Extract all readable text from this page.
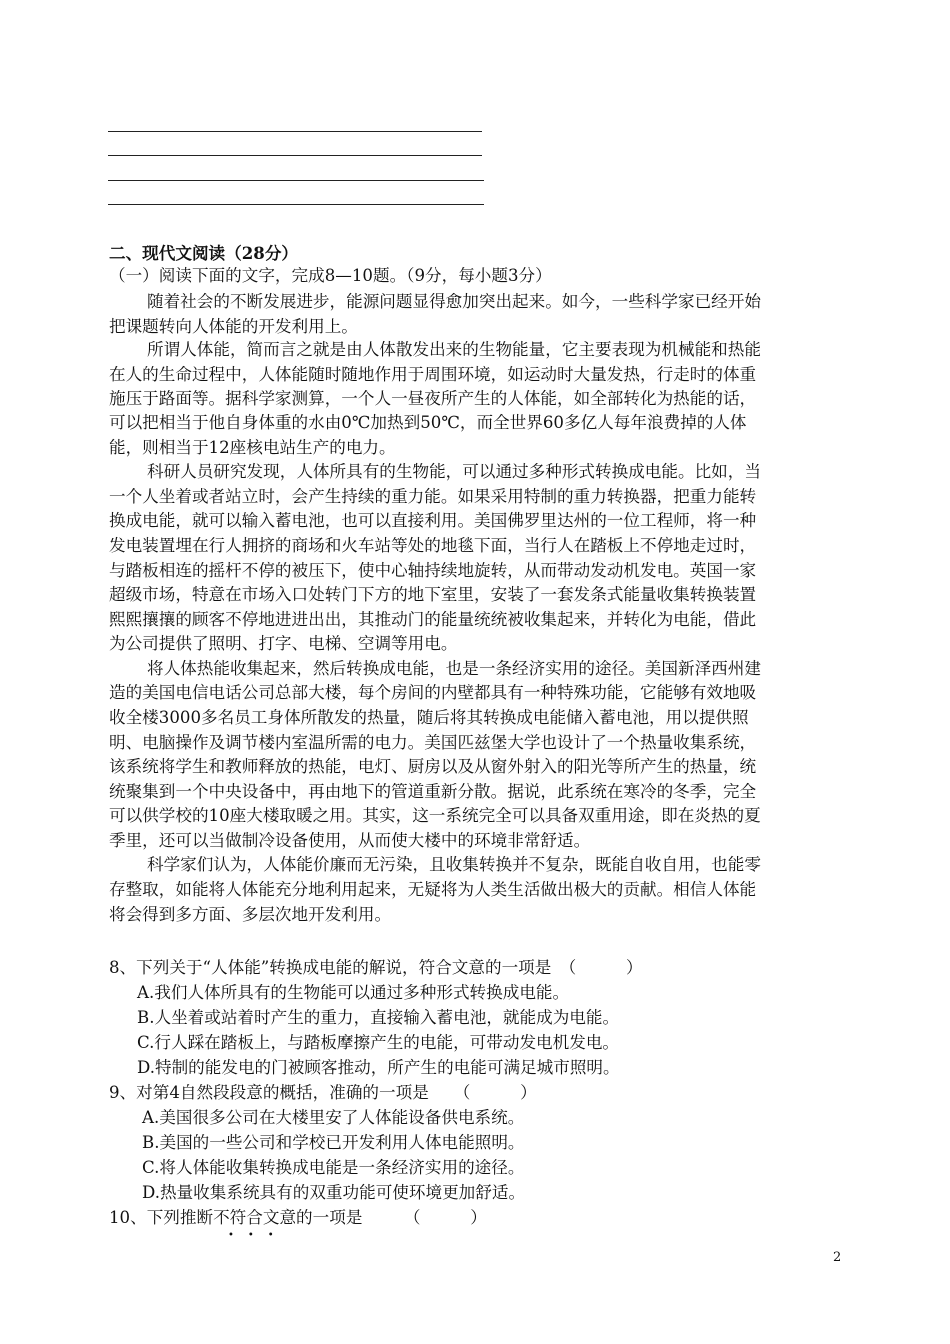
二、现代文阅读（28分）
（一）阅读下面的文字，完成8—10题。（9分，每小题3分）
随着社会的不断发展进步，能源问题显得愈加突出起来。如今，一些科学家已经开始
把课题转向人体能的开发利用上。
所谓人体能，简而言之就是由人体散发出来的生物能量，它主要表现为机械能和热能
在人的生命过程中，人体能随时随地作用于周围环境，如运动时大量发热，行走时的体重
施压于路面等。据科学家测算，一个人一昼夜所产生的人体能，如全部转化为热能的话，
可以把相当于他自身体重的水由0℃加热到50℃，而全世界60多亿人每年浪费掉的人体
能，则相当于12座核电站生产的电力。
科研人员研究发现，人体所具有的生物能，可以通过多种形式转换成电能。比如，当
一个人坐着或者站立时，会产生持续的重力能。如果采用特制的重力转换器，把重力能转
换成电能，就可以输入蓄电池，也可以直接利用。美国佛罗里达州的一位工程师，将一种
发电装置埋在行人拥挤的商场和火车站等处的地毯下面，当行人在踏板上不停地走过时，
与踏板相连的摇杆不停的被压下，使中心轴持续地旋转，从而带动发动机发电。英国一家
超级市场，特意在市场入口处转门下方的地下室里，安装了一套发条式能量收集转换装置
熙熙攘攘的顾客不停地进进出出，其推动门的能量统统被收集起来，并转化为电能，借此
为公司提供了照明、打字、电梯、空调等用电。
将人体热能收集起来，然后转换成电能，也是一条经济实用的途径。美国新泽西州建
造的美国电信电话公司总部大楼，每个房间的内壁都具有一种特殊功能，它能够有效地吸
收全楼3000多名员工身体所散发的热量，随后将其转换成电能储入蓄电池，用以提供照
明、电脑操作及调节楼内室温所需的电力。美国匹兹堡大学也设计了一个热量收集系统，
该系统将学生和教师释放的热能，电灯、厨房以及从窗外射入的阳光等所产生的热量，统
统聚集到一个中央设备中，再由地下的管道重新分散。据说，此系统在寒冷的冬季，完全
可以供学校的10座大楼取暖之用。其实，这一系统完全可以具备双重用途，即在炎热的夏
季里，还可以当做制冷设备使用，从而使大楼中的环境非常舒适。
科学家们认为，人体能价廉而无污染，且收集转换并不复杂，既能自收自用，也能零
存整取，如能将人体能充分地利用起来，无疑将为人类生活做出极大的贡献。相信人体能
将会得到多方面、多层次地开发利用。
8、下列关于“人体能”转换成电能的解说，符合文意的一项是　（　　　）
A.我们人体所具有的生物能可以通过多种形式转换成电能。
B.人坐着或站着时产生的重力，直接输入蓄电池，就能成为电能。
C.行人踩在踏板上，与踏板摩擦产生的电能，可带动发电机发电。
D.特制的能发电的门被顾客推动，所产生的电能可满足城市照明。
9、对第4自然段段意的概括，准确的一项是　　（　　　）
A.美国很多公司在大楼里安了人体能设备供电系统。
B.美国的一些公司和学校已开发利用人体电能照明。
C.将人体能收集转换成电能是一条经济实用的途径。
D.热量收集系统具有的双重功能可使环境更加舒适。
10、下列推断不符合文意的一项是　　　（　　　）
•••
2
